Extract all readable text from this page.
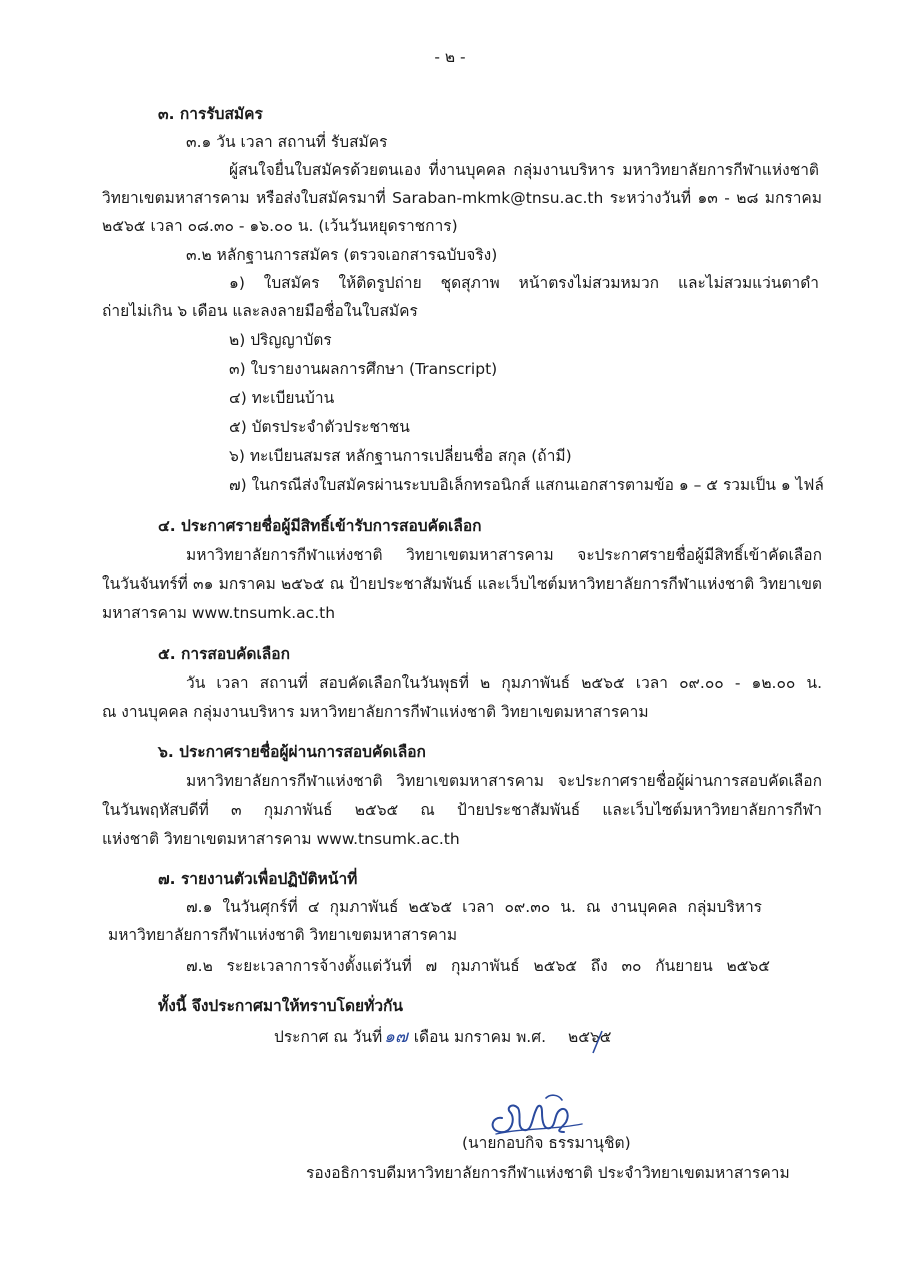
- ๒ -
๓. การรับสมัคร
๓.๑ วัน เวลา สถานที่ รับสมัคร
ผู้สนใจยื่นใบสมัครด้วยตนเอง ที่งานบุคคล กลุ่มงานบริหาร มหาวิทยาลัยการกีฬาแห่งชาติ
วิทยาเขตมหาสารคาม หรือส่งใบสมัครมาที่ Saraban-mkmk@tnsu.ac.th ระหว่างวันที่ ๑๓ - ๒๘ มกราคม
๒๕๖๕ เวลา ๐๘.๓๐ - ๑๖.๐๐ น. (เว้นวันหยุดราชการ)
๓.๒ หลักฐานการสมัคร (ตรวจเอกสารฉบับจริง)
๑) ใบสมัคร ให้ติดรูปถ่าย ชุดสุภาพ หน้าตรงไม่สวมหมวก และไม่สวมแว่นตาดำ
ถ่ายไม่เกิน ๖ เดือน และลงลายมือชื่อในใบสมัคร
๒) ปริญญาบัตร
๓) ใบรายงานผลการศึกษา (Transcript)
๔) ทะเบียนบ้าน
๕) บัตรประจำตัวประชาชน
๖) ทะเบียนสมรส หลักฐานการเปลี่ยนชื่อ สกุล (ถ้ามี)
๗) ในกรณีส่งใบสมัครผ่านระบบอิเล็กทรอนิกส์ แสกนเอกสารตามข้อ ๑ – ๕ รวมเป็น ๑ ไฟล์
๔. ประกาศรายชื่อผู้มีสิทธิ์เข้ารับการสอบคัดเลือก
มหาวิทยาลัยการกีฬาแห่งชาติ วิทยาเขตมหาสารคาม จะประกาศรายชื่อผู้มีสิทธิ์เข้าคัดเลือก
ในวันจันทร์ที่ ๓๑ มกราคม ๒๕๖๕ ณ ป้ายประชาสัมพันธ์ และเว็บไซต์มหาวิทยาลัยการกีฬาแห่งชาติ วิทยาเขต
มหาสารคาม www.tnsumk.ac.th
๕. การสอบคัดเลือก
วัน เวลา สถานที่ สอบคัดเลือกในวันพุธที่ ๒ กุมภาพันธ์ ๒๕๖๕ เวลา ๐๙.๐๐ - ๑๒.๐๐ น.
ณ งานบุคคล กลุ่มงานบริหาร มหาวิทยาลัยการกีฬาแห่งชาติ วิทยาเขตมหาสารคาม
๖. ประกาศรายชื่อผู้ผ่านการสอบคัดเลือก
มหาวิทยาลัยการกีฬาแห่งชาติ วิทยาเขตมหาสารคาม จะประกาศรายชื่อผู้ผ่านการสอบคัดเลือก
ในวันพฤหัสบดีที่ ๓ กุมภาพันธ์ ๒๕๖๕ ณ ป้ายประชาสัมพันธ์ และเว็บไซต์มหาวิทยาลัยการกีฬา
แห่งชาติ วิทยาเขตมหาสารคาม www.tnsumk.ac.th
๗. รายงานตัวเพื่อปฏิบัติหน้าที่
๗.๑ ในวันศุกร์ที่ ๔ กุมภาพันธ์ ๒๕๖๕ เวลา ๐๙.๓๐ น. ณ งานบุคคล กลุ่มบริหาร
มหาวิทยาลัยการกีฬาแห่งชาติ วิทยาเขตมหาสารคาม
๗.๒ ระยะเวลาการจ้างตั้งแต่วันที่ ๗ กุมภาพันธ์ ๒๕๖๕ ถึง ๓๐ กันยายน ๒๕๖๕
ทั้งนี้ จึงประกาศมาให้ทราบโดยทั่วกัน
ประกาศ ณ วันที่ ๑๗ เดือน มกราคม พ.ศ. ๒๕๖๕
(นายกอบกิจ ธรรมานุชิต)
รองอธิการบดีมหาวิทยาลัยการกีฬาแห่งชาติ ประจำวิทยาเขตมหาสารคาม
